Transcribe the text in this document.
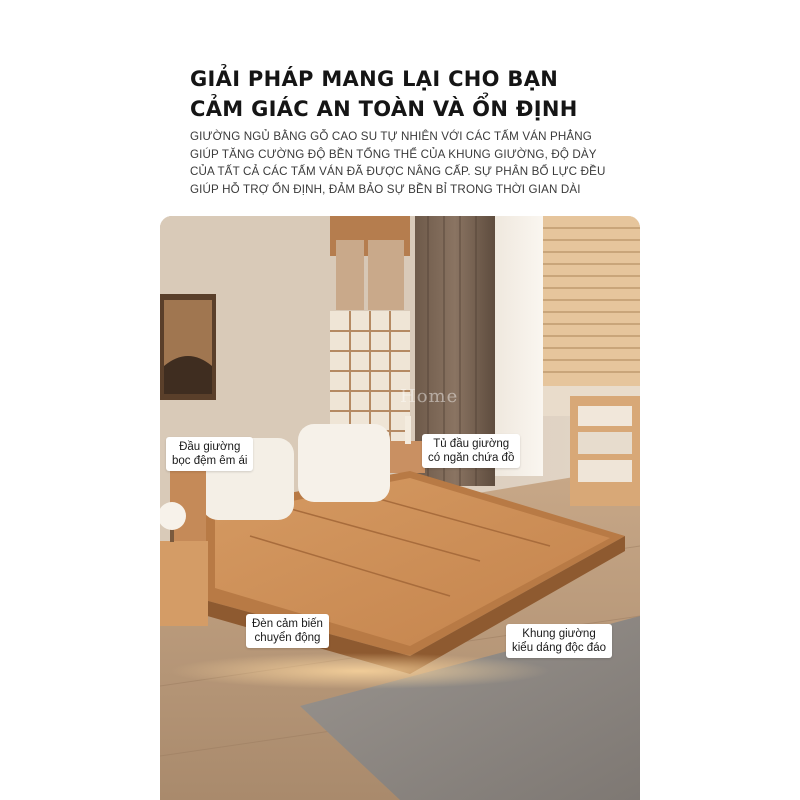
GIẢI PHÁP MANG LẠI CHO BẠN
CẢM GIÁC AN TOÀN VÀ ỔN ĐỊNH
GIƯỜNG NGỦ BẰNG GỖ CAO SU TỰ NHIÊN VỚI CÁC TẤM VÁN PHẲNG
GIÚP TĂNG CƯỜNG ĐỘ BỀN TỔNG THỂ CỦA KHUNG GIƯỜNG, ĐỘ DÀY
CỦA TẤT CẢ CÁC TẤM VÁN ĐÃ ĐƯỢC NÂNG CẤP. SỰ PHÂN BỔ LỰC ĐỀU
GIÚP HỖ TRỢ ỔN ĐỊNH, ĐẢM BẢO SỰ BỀN BỈ TRONG THỜI GIAN DÀI
Home
Đầu giường
bọc đệm êm ái
Tủ đầu giường
có ngăn chứa đồ
Đèn cảm biến
chuyển động	Khung giường
kiểu dáng độc đáo
